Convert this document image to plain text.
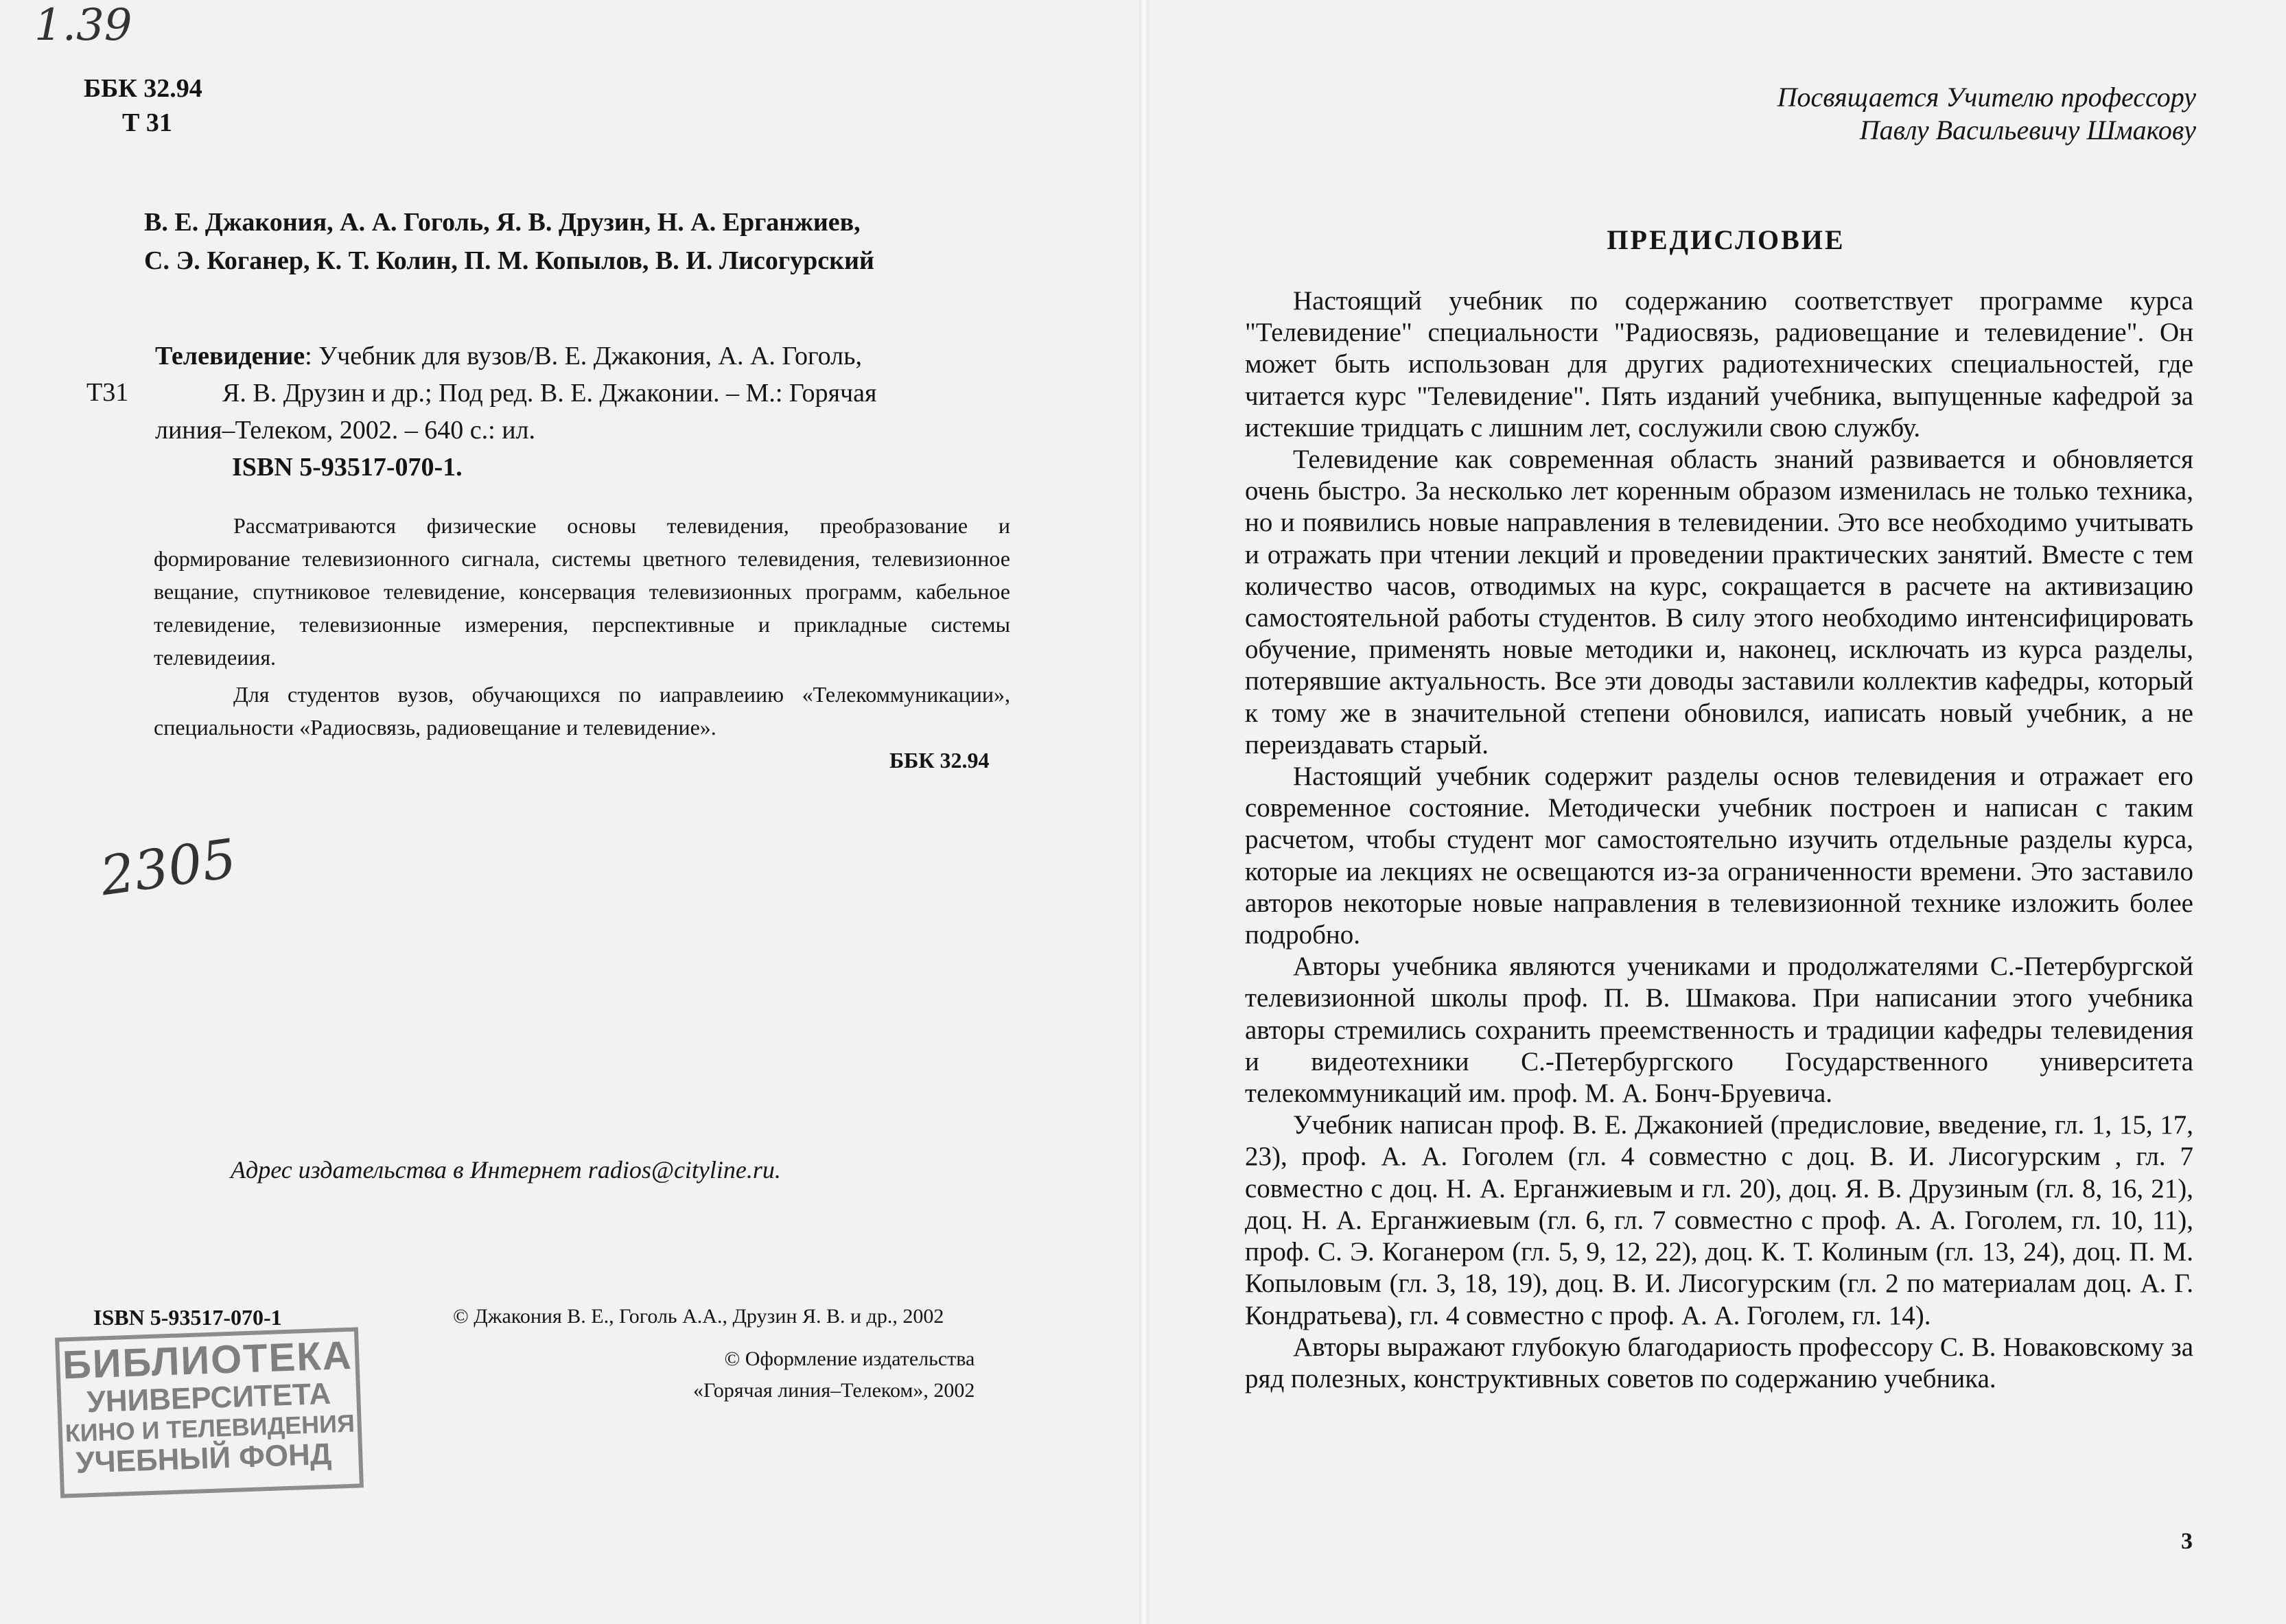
1.39
ББК 32.94
Т 31
В. Е. Джакония, А. А. Гоголь, Я. В. Друзин, Н. А. Ерганжиев,
С. Э. Коганер, К. Т. Колин, П. М. Копылов, В. И. Лисогурский
Т31
Телевидение: Учебник для вузов/В. Е. Джакония, А. А. Гоголь,
Я. В. Друзин и др.; Под ред. В. Е. Джаконии. – М.: Горячая
линия–Телеком, 2002. – 640 с.: ил.
ISBN 5-93517-070-1.

Рассматриваются физические основы телевидения, преобразование и формирование телевизионного сигнала, системы цветного телевидения, телевизионное вещание, спутниковое телевидение, консервация телевизионных программ, кабельное телевидение, телевизионные измерения, перспективные и прикладные системы телевидеиия.

Для студентов вузов, обучающихся по иаправлеиию «Телекоммуникации», специальности «Радиосвязь, радиовещание и телевидение».

ББК 32.94
2305
Адрес издательства в Интернет radios@cityline.ru.
ISBN 5-93517-070-1	© Джакония В. Е., Гоголь А.А., Друзин Я. В. и др., 2002
© Оформление издательства
«Горячая линия–Телеком», 2002
БИБЛИОТЕКА
УНИВЕРСИТЕТА
КИНО И ТЕЛЕВИДЕНИЯ
УЧЕБНЫЙ ФОНД
Посвящается Учителю профессору
Павлу Васильевичу Шмакову
ПРЕДИСЛОВИЕ

Настоящий учебник по содержанию соответствует программе курса "Телевидение" специальности "Радиосвязь, радиовещание и телевидение". Он может быть использован для других радиотехнических специальностей, где читается курс "Телевидение". Пять изданий учебника, выпущенные кафедрой за истекшие тридцать с лишним лет, сослужили свою службу.

Телевидение как современная область знаний развивается и обновляется очень быстро. За несколько лет коренным образом изменилась не только техника, но и появились новые направления в телевидении. Это все необходимо учитывать и отражать при чтении лекций и проведении практических занятий. Вместе с тем количество часов, отводимых на курс, сокращается в расчете на активизацию самостоятельной работы студентов. В силу этого необходимо интенсифицировать обучение, применять новые методики и, наконец, исключать из курса разделы, потерявшие актуальность. Все эти доводы заставили коллектив кафедры, который к тому же в значительной степени обновился, иаписать новый учебник, а не переиздавать старый.

Настоящий учебник содержит разделы основ телевидения и отражает его современное состояние. Методически учебник построен и написан с таким расчетом, чтобы студент мог самостоятельно изучить отдельные разделы курса, которые иа лекциях не освещаются из-за ограниченности времени. Это заставило авторов некоторые новые направления в телевизионной технике изложить более подробно.

Авторы учебника являются учениками и продолжателями С.-Петербургской телевизионной школы проф. П. В. Шмакова. При написании этого учебника авторы стремились сохранить преемственность и традиции кафедры телевидения и видеотехники С.-Петербургского Государственного университета телекоммуникаций им. проф. М. А. Бонч-Бруевича.

Учебник написан проф. В. Е. Джаконией (предисловие, введение, гл. 1, 15, 17, 23), проф. А. А. Гоголем (гл. 4 совместно с доц. В. И. Лисогурским , гл. 7 совместно с доц. Н. А. Ерганжиевым и гл. 20), доц. Я. В. Друзиным (гл. 8, 16, 21), доц. Н. А. Ерганжиевым (гл. 6, гл. 7 совместно с проф. А. А. Гоголем, гл. 10, 11), проф. С. Э. Коганером (гл. 5, 9, 12, 22), доц. К. Т. Колиным (гл. 13, 24), доц. П. М. Копыловым (гл. 3, 18, 19), доц. В. И. Лисогурским (гл. 2 по материалам доц. А. Г. Кондратьева), гл. 4 совместно с проф. А. А. Гоголем, гл. 14).

Авторы выражают глубокую благодариость профессору С. В. Новаковскому за ряд полезных, конструктивных советов по содержанию учебника.

3
